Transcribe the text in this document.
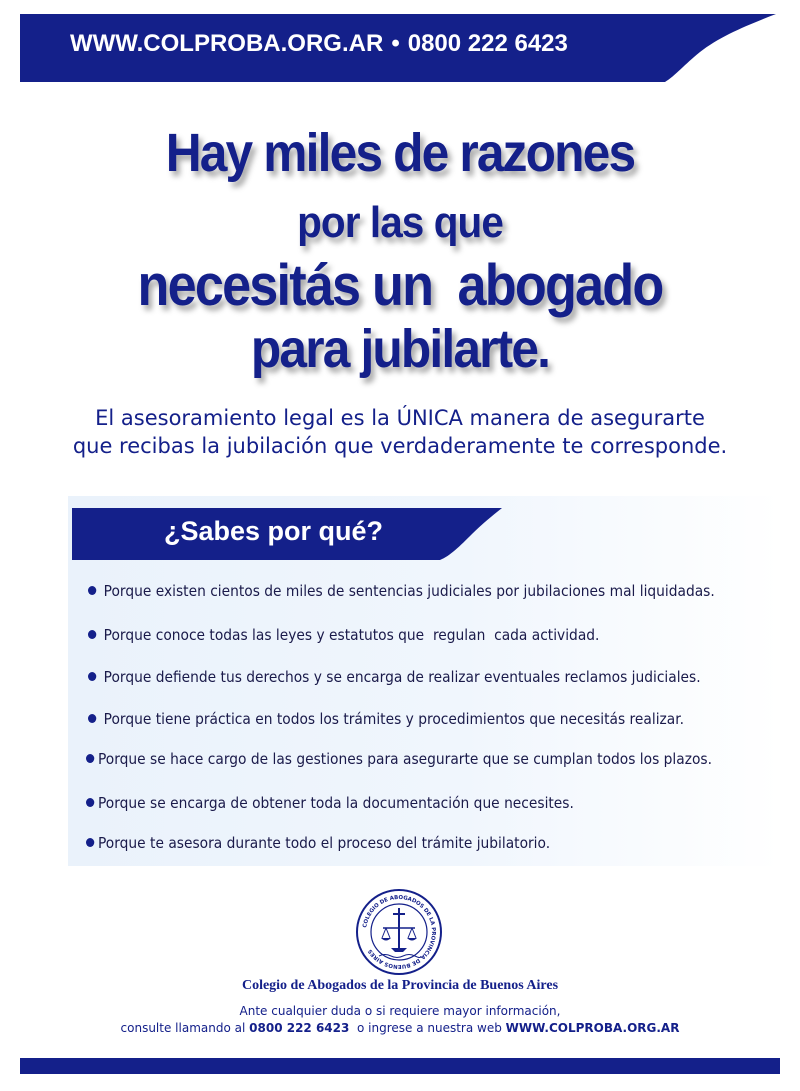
WWW.COLPROBA.ORG.AR • 0800 222 6423
Hay miles de razones
por las que
necesitás un  abogado
para jubilarte.
El asesoramiento legal es la ÚNICA manera de asegurarte
que recibas la jubilación que verdaderamente te corresponde.
¿Sabes por qué?
Porque existen cientos de miles de sentencias judiciales por jubilaciones mal liquidadas.
Porque conoce todas las leyes y estatutos que  regulan  cada actividad.
Porque defiende tus derechos y se encarga de realizar eventuales reclamos judiciales.
Porque tiene práctica en todos los trámites y procedimientos que necesitás realizar.
Porque se hace cargo de las gestiones para asegurarte que se cumplan todos los plazos.
Porque se encarga de obtener toda la documentación que necesites.
Porque te asesora durante todo el proceso del trámite jubilatorio.
COLEGIO DE ABOGADOS DE LA PROVINCIA DE BUENOS AIRES
Colegio de Abogados de la Provincia de Buenos Aires
Ante cualquier duda o si requiere mayor información,
consulte llamando al 0800 222 6423 o ingrese a nuestra web WWW.COLPROBA.ORG.AR
